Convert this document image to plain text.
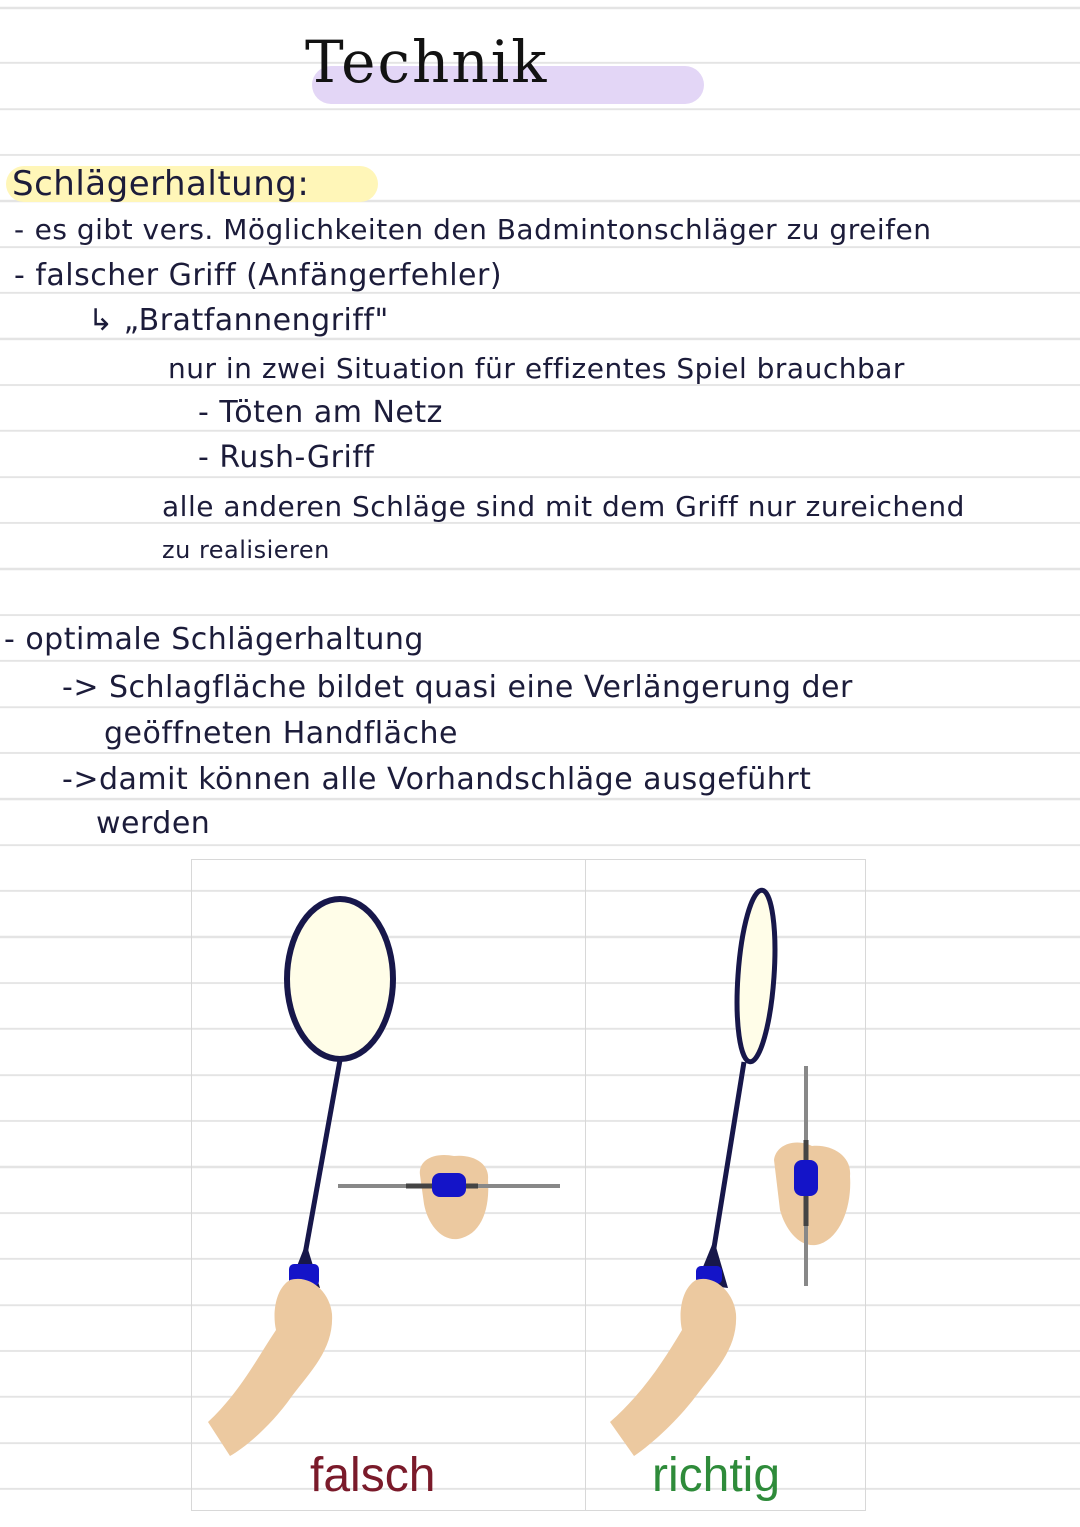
Technik
Schlägerhaltung:
- es gibt vers. Möglichkeiten den Badmintonschläger zu greifen
- falscher Griff (Anfängerfehler)
↳ „Bratfannengriff"
nur in zwei Situation für effizentes Spiel brauchbar
- Töten am Netz
- Rush-Griff
alle anderen Schläge sind mit dem Griff nur zureichend
zu realisieren
- optimale Schlägerhaltung
-> Schlagfläche bildet quasi eine Verlängerung der
geöffneten Handfläche
->damit können alle Vorhandschläge ausgeführt
werden
falsch	richtig
